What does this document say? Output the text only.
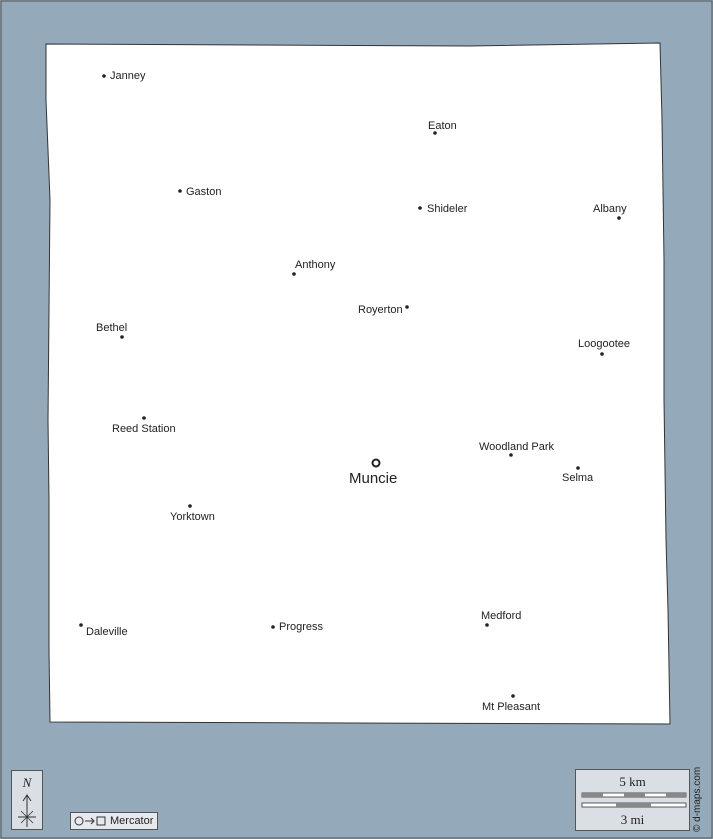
Janney
Eaton
Gaston
Shideler	Albany
Anthony
Royerton
Bethel
Loogootee
Reed Station
Woodland Park
Selma
Yorktown
Daleville	Progress
Medford
Mt Pleasant
Muncie
N
Mercator
5 km
3 mi	© d-maps.com
